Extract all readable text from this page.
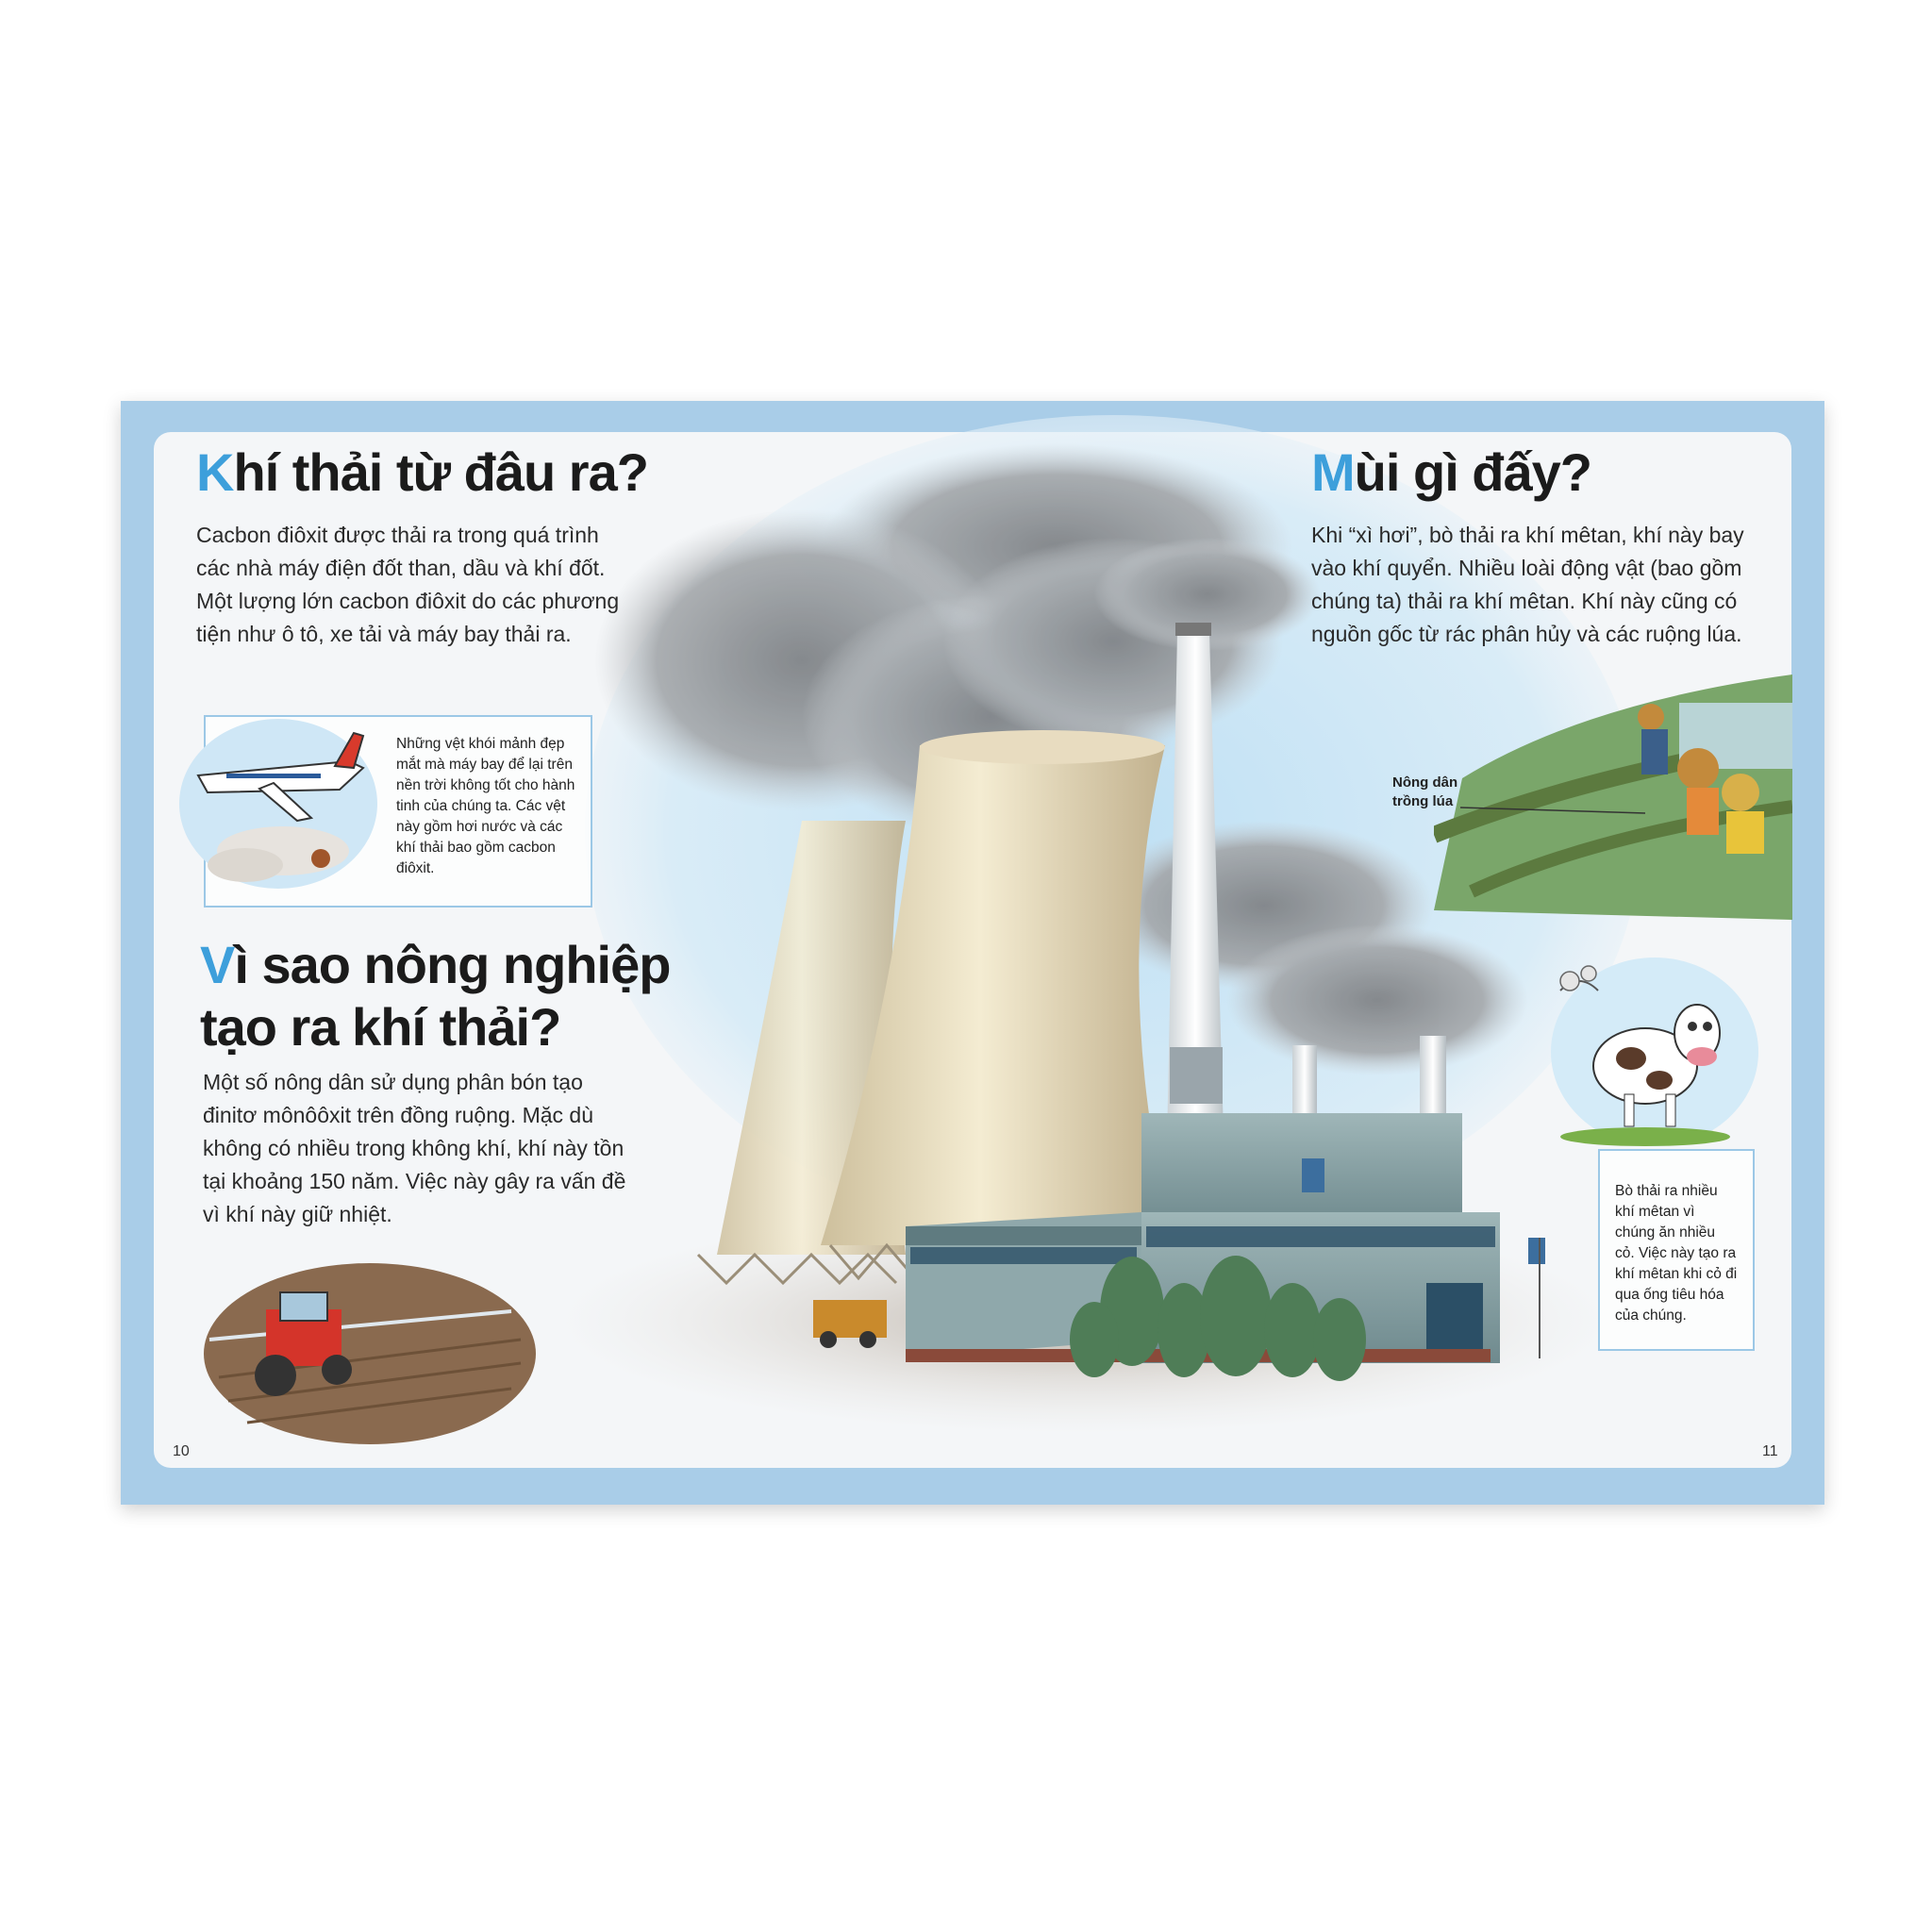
Những vệt khói mảnh đẹp mắt mà máy bay để lại trên nền trời không tốt cho hành tinh của chúng ta. Các vệt này gồm hơi nước và các khí thải bao gồm cacbon điôxit.
Khí thải từ đâu ra?
Cacbon điôxit được thải ra trong quá trình các nhà máy điện đốt than, dầu và khí đốt. Một lượng lớn cacbon điôxit do các phương tiện như ô tô, xe tải và máy bay thải ra.
Vì sao nông nghiệp
tạo ra khí thải?
Một số nông dân sử dụng phân bón tạo đinitơ mônôôxit trên đồng ruộng. Mặc dù không có nhiều trong không khí, khí này tồn tại khoảng 150 năm. Việc này gây ra vấn đề vì khí này giữ nhiệt.
10
Mùi gì đấy?
Khi “xì hơi”, bò thải ra khí mêtan, khí này bay vào khí quyển. Nhiều loài động vật (bao gồm chúng ta) thải ra khí mêtan. Khí này cũng có nguồn gốc từ rác phân hủy và các ruộng lúa.
Nông dân trồng lúa
Bò thải ra nhiều khí mêtan vì chúng ăn nhiều cỏ. Việc này tạo ra khí mêtan khi cỏ đi qua ống tiêu hóa của chúng.
11
